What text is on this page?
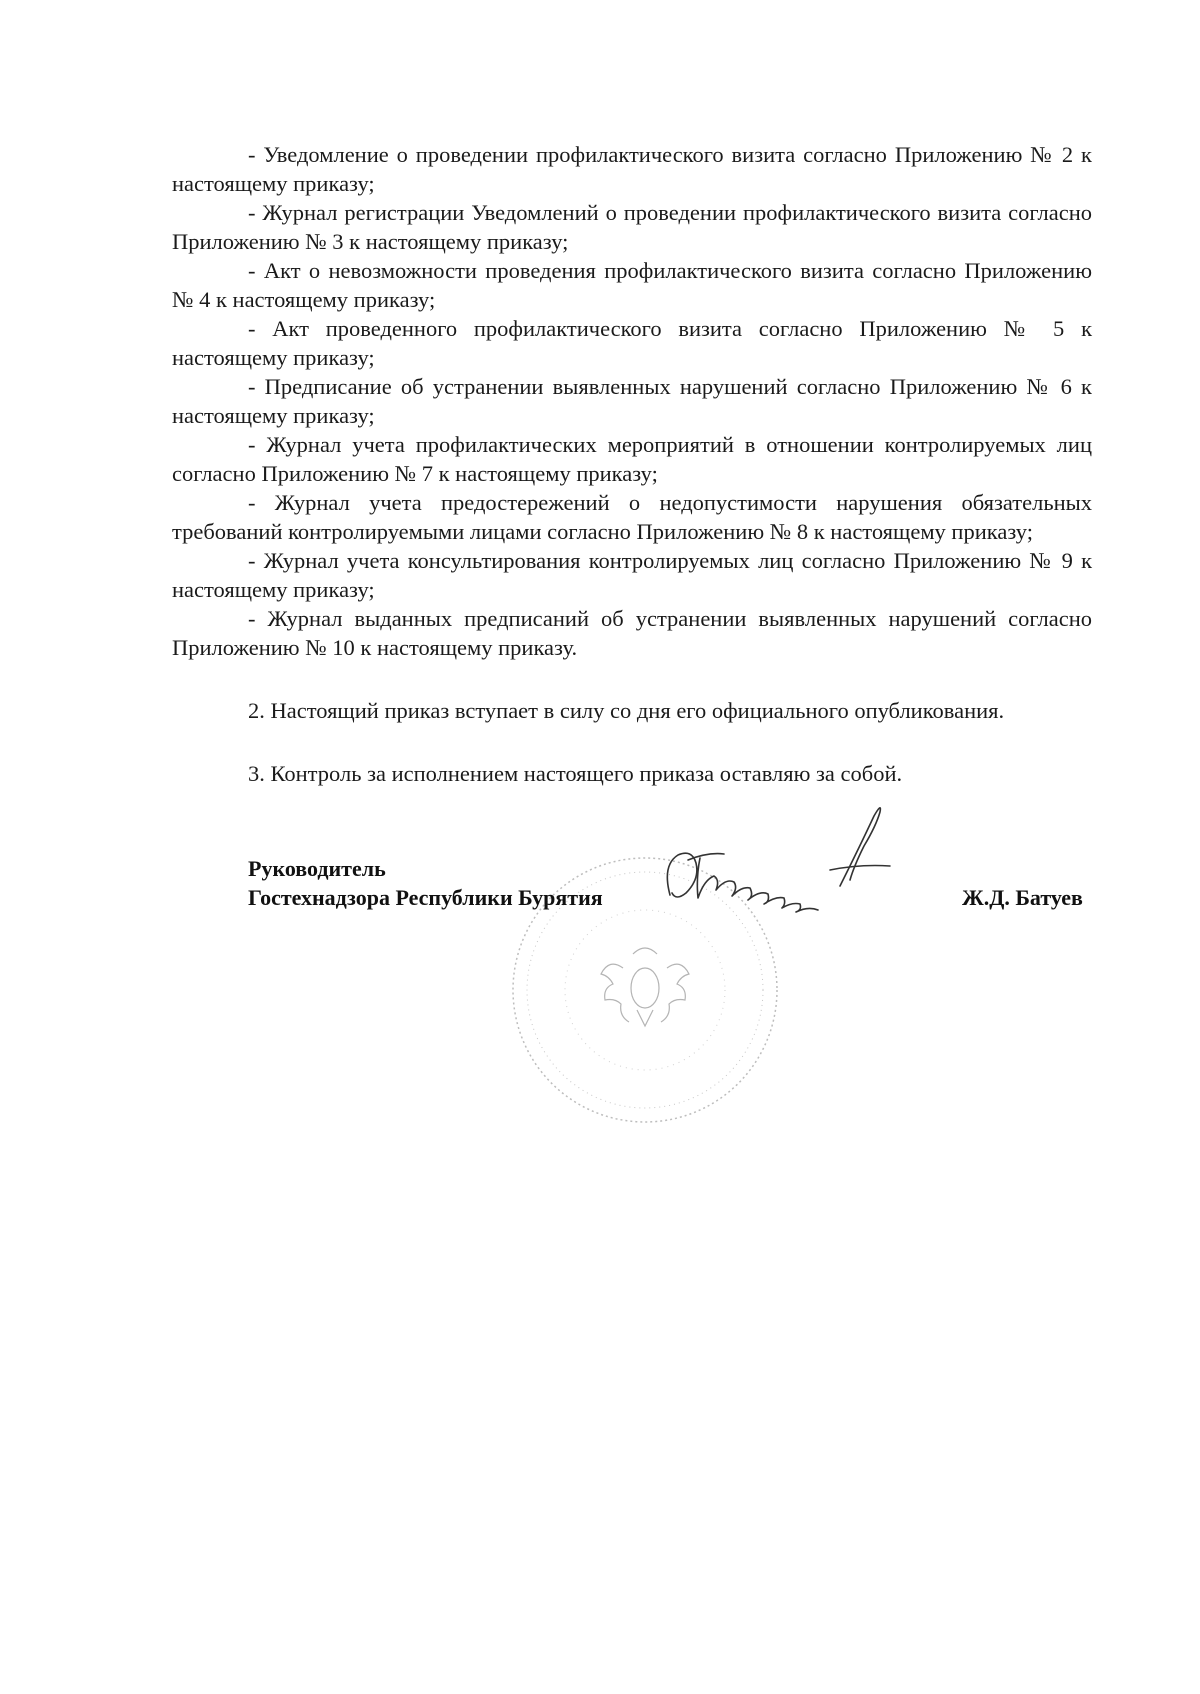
- Уведомление о проведении профилактического визита согласно Приложению № 2 к настоящему приказу;

- Журнал регистрации Уведомлений о проведении профилактического визита согласно Приложению № 3 к настоящему приказу;

- Акт о невозможности проведения профилактического визита согласно Приложению № 4 к настоящему приказу;

- Акт проведенного профилактического визита согласно Приложению № 5 к настоящему приказу;

- Предписание об устранении выявленных нарушений согласно Приложению № 6 к настоящему приказу;

- Журнал учета профилактических мероприятий в отношении контролируемых лиц согласно Приложению № 7 к настоящему приказу;

- Журнал учета предостережений о недопустимости нарушения обязательных требований контролируемыми лицами согласно Приложению № 8 к настоящему приказу;

- Журнал учета консультирования контролируемых лиц согласно Приложению № 9 к настоящему приказу;

- Журнал выданных предписаний об устранении выявленных нарушений согласно Приложению № 10 к настоящему приказу.

2. Настоящий приказ вступает в силу со дня его официального опубликования.

3. Контроль за исполнением настоящего приказа оставляю за собой.

Руководитель
Гостехнадзора Республики Бурятия	Ж.Д. Батуев
